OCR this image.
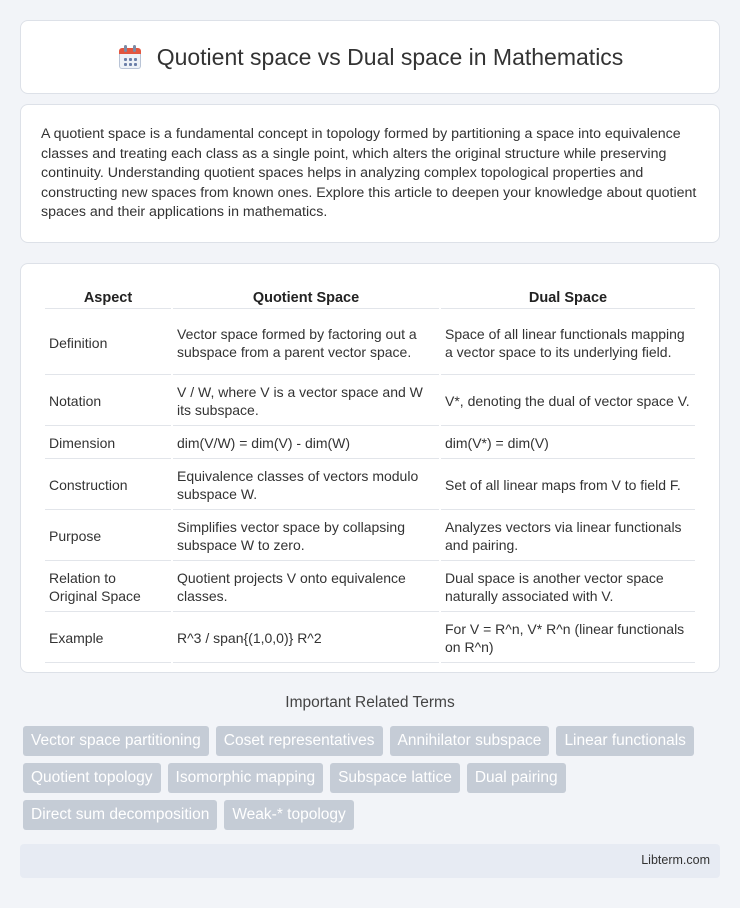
Quotient space vs Dual space in Mathematics

A quotient space is a fundamental concept in topology formed by partitioning a space into equivalence classes and treating each class as a single point, which alters the original structure while preserving continuity. Understanding quotient spaces helps in analyzing complex topological properties and constructing new spaces from known ones. Explore this article to deepen your knowledge about quotient spaces and their applications in mathematics.

Aspect	Quotient Space	Dual Space
Definition	Vector space formed by factoring out a subspace from a parent vector space.	Space of all linear functionals mapping a vector space to its underlying field.
Notation	V / W, where V is a vector space and W its subspace.	V*, denoting the dual of vector space V.
Dimension	dim(V/W) = dim(V) - dim(W)	dim(V*) = dim(V)
Construction	Equivalence classes of vectors modulo subspace W.	Set of all linear maps from V to field F.
Purpose	Simplifies vector space by collapsing subspace W to zero.	Analyzes vectors via linear functionals and pairing.
Relation to Original Space	Quotient projects V onto equivalence classes.	Dual space is another vector space naturally associated with V.
Example	R^3 / span{(1,0,0)} R^2	For V = R^n, V* R^n (linear functionals on R^n)
Important Related Terms
Vector space partitioning	Coset representatives	Annihilator subspace	Linear functionals
Quotient topology	Isomorphic mapping	Subspace lattice	Dual pairing
Direct sum decomposition	Weak-* topology
Libterm.com
